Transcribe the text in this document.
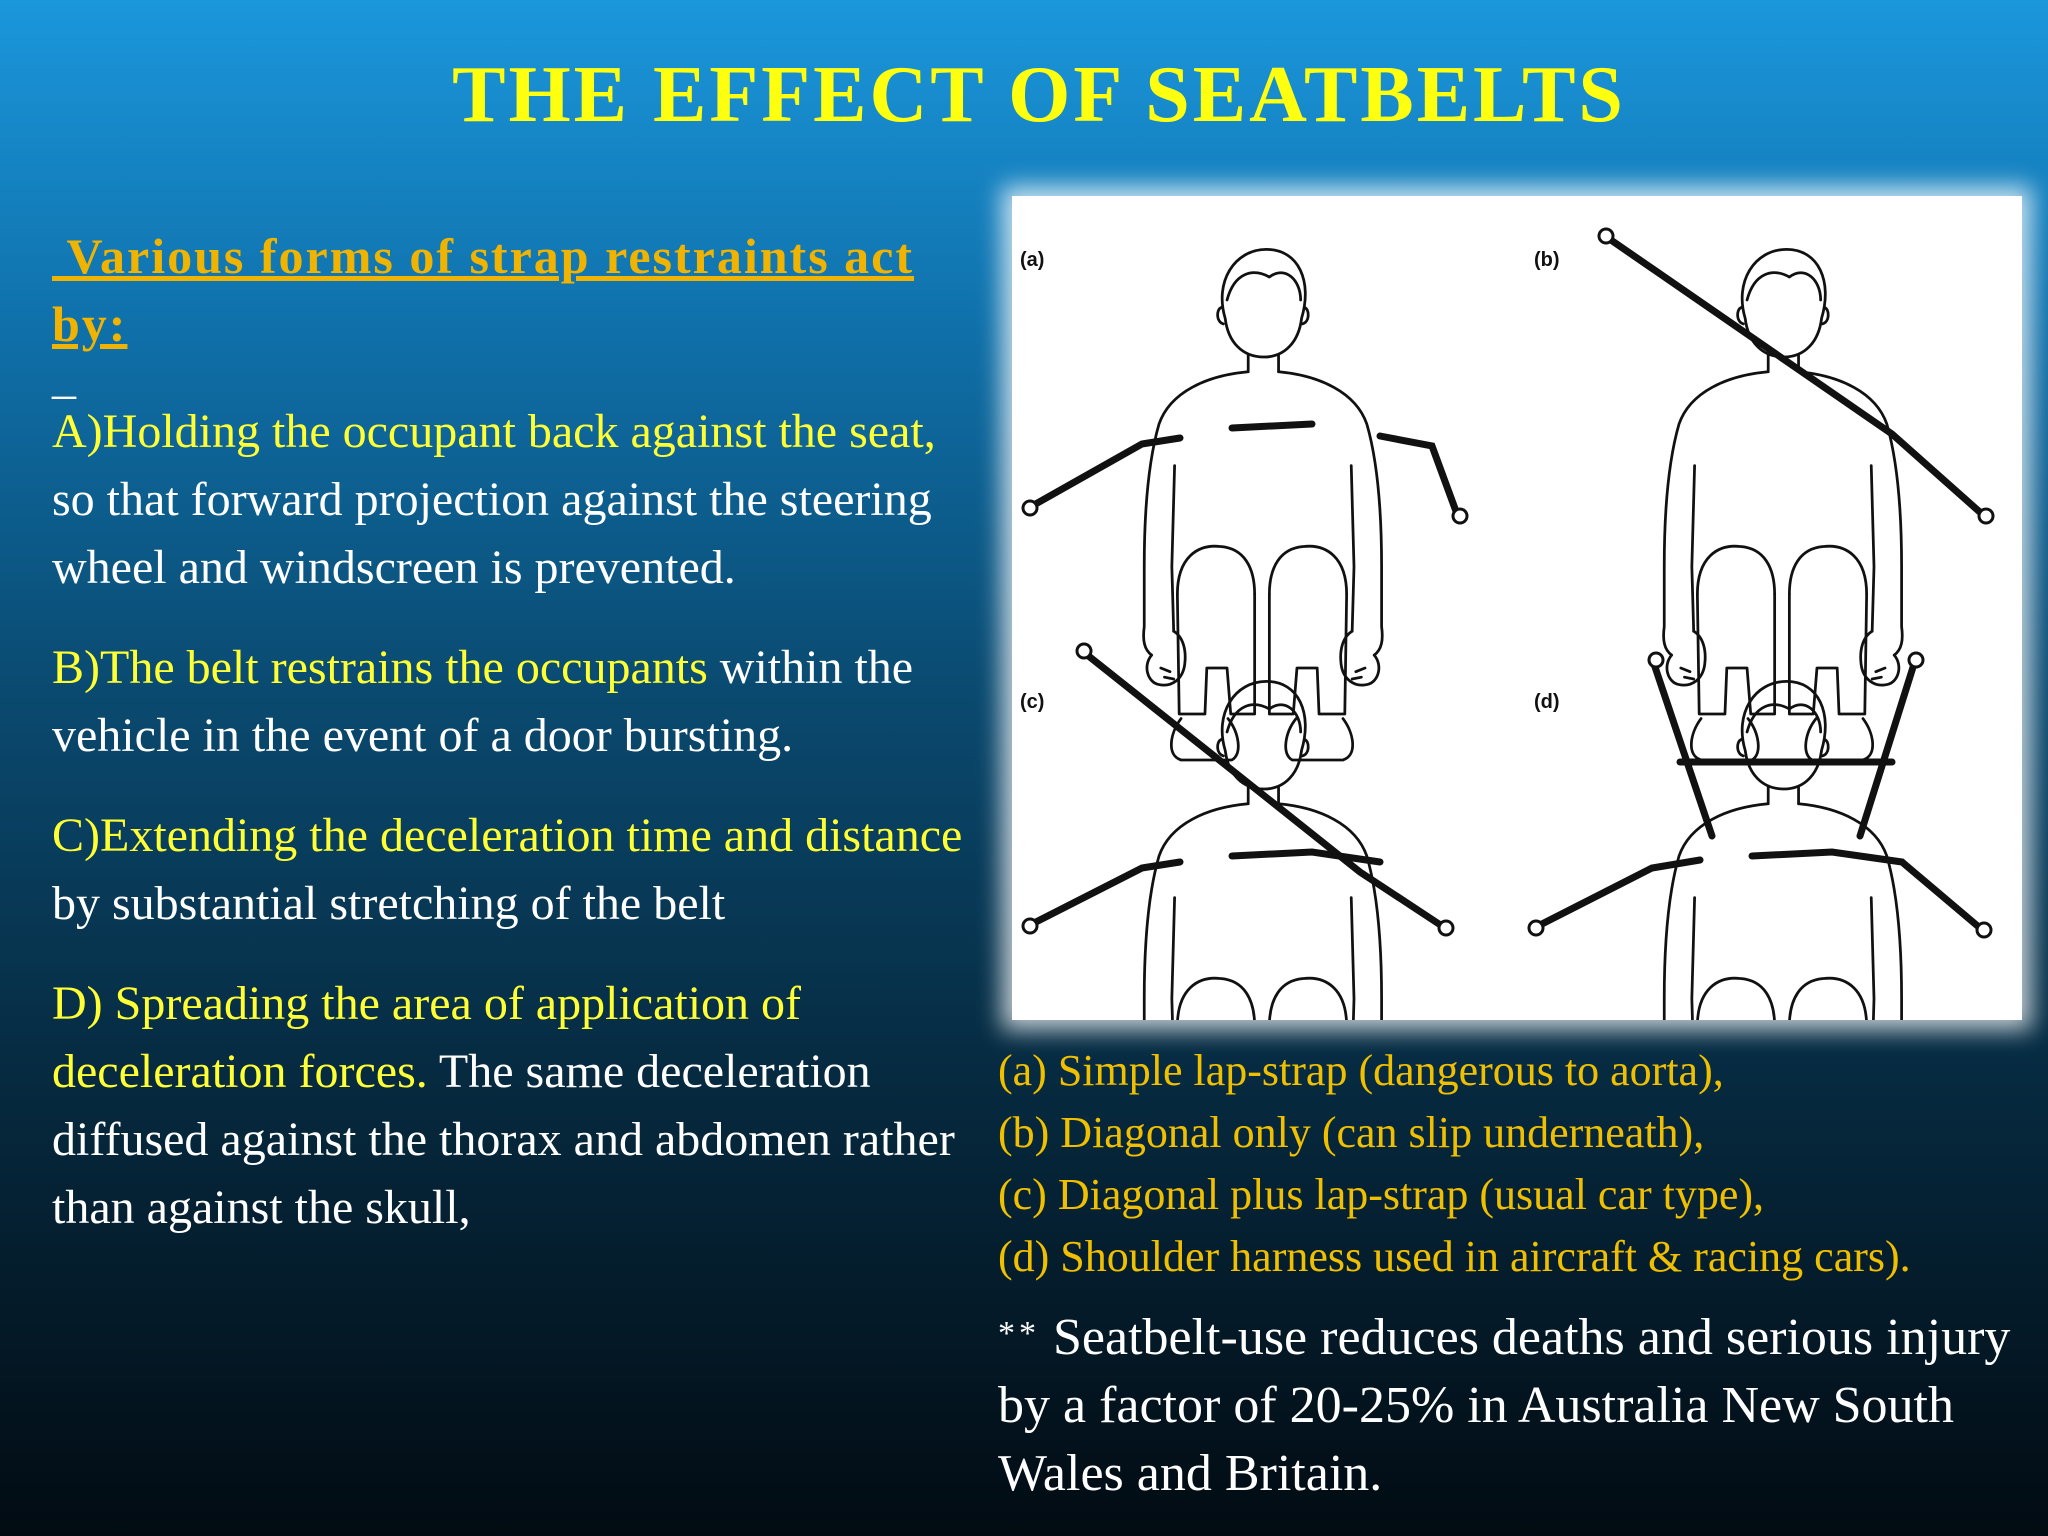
THE EFFECT OF SEATBELTS

Various forms of strap restraints act by:

_

A)Holding the occupant back against the seat, so that forward projection against the steering wheel and windscreen is prevented.

B)The belt restrains the occupants within the vehicle in the event of a door bursting.

C)Extending the deceleration time and distance by substantial stretching of the belt

D) Spreading the area of application of deceleration forces. The same deceleration diffused against the thorax and abdomen rather than against the skull,

(a)	(b)
(c)	(d)
(a) Simple lap-strap (dangerous to aorta),
(b) Diagonal only (can slip underneath),
(c) Diagonal plus lap-strap (usual car type),
(d) Shoulder harness used in aircraft & racing cars).
** Seatbelt-use reduces deaths and serious injury by a factor of 20-25% in Australia New South Wales and Britain.
